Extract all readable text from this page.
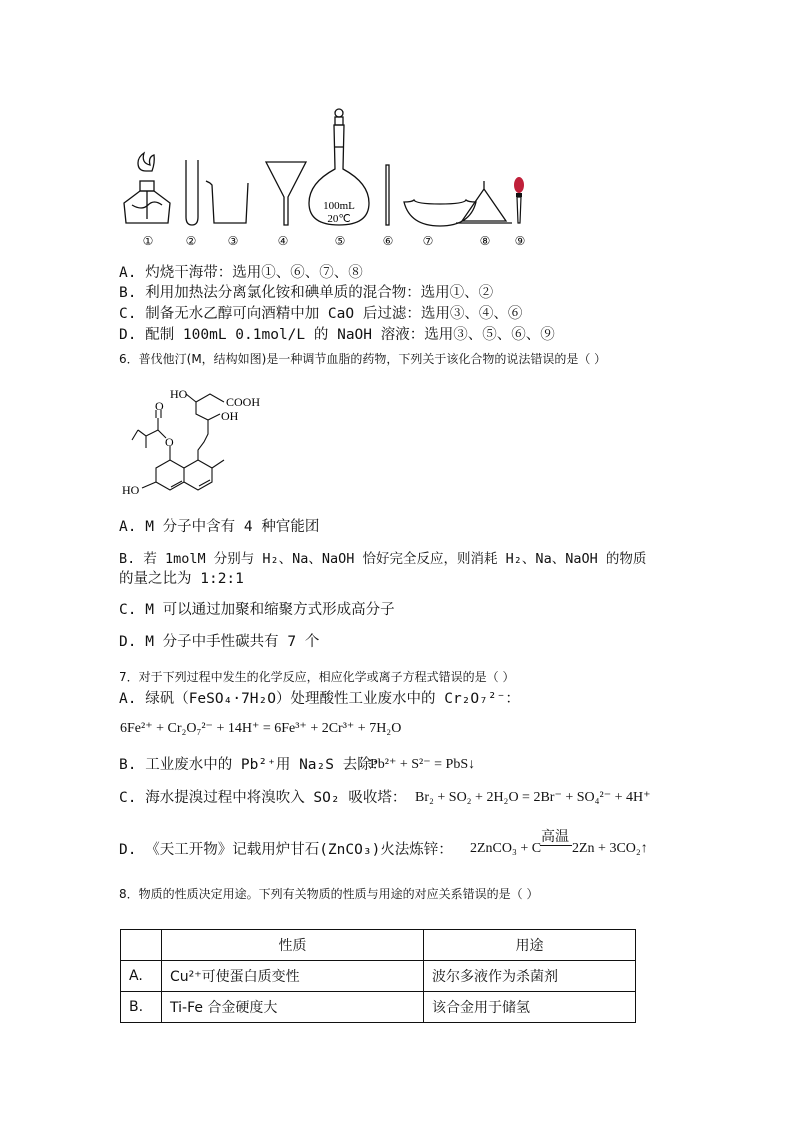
100mL
20℃
①	②	③	④	⑤	⑥	⑦	⑧	⑨
A. 灼烧干海带：选用①、⑥、⑦、⑧
B. 利用加热法分离氯化铵和碘单质的混合物：选用①、②
C. 制备无水乙醇可向酒精中加 CaO 后过滤：选用③、④、⑥
D. 配制 100mL 0.1mol/L 的 NaOH 溶液：选用③、⑤、⑥、⑨
6．普伐他汀(M，结构如图)是一种调节血脂的药物，下列关于该化合物的说法错误的是（ ）
HO
COOH
OH
O
O
HO
A. M 分子中含有 4 种官能团
B. 若 1molM 分别与 H₂、Na、NaOH 恰好完全反应，则消耗 H₂、Na、NaOH 的物质
的量之比为 1:2:1
C. M 可以通过加聚和缩聚方式形成高分子
D. M 分子中手性碳共有 7 个
7．对于下列过程中发生的化学反应，相应化学或离子方程式错误的是（ ）
A. 绿矾（FeSO₄·7H₂O）处理酸性工业废水中的 Cr₂O₇²⁻：
6Fe²⁺ + Cr₂O₇²⁻ + 14H⁺ = 6Fe³⁺ + 2Cr³⁺ + 7H₂O
B. 工业废水中的 Pb²⁺用 Na₂S 去除：
Pb²⁺ + S²⁻ = PbS↓
C. 海水提溴过程中将溴吹入 SO₂ 吸收塔： Br₂ + SO₂ + 2H₂O = 2Br⁻ + SO₄²⁻ + 4H⁺
D. 《天工开物》记载用炉甘石(ZnCO₃)火法炼锌： 2ZnCO₃ + C
高温
2Zn + 3CO₂↑
8．物质的性质决定用途。下列有关物质的性质与用途的对应关系错误的是（ ）
	性质	用途
A.	Cu²⁺可使蛋白质变性	波尔多液作为杀菌剂
B.	Ti-Fe 合金硬度大	该合金用于储氢
